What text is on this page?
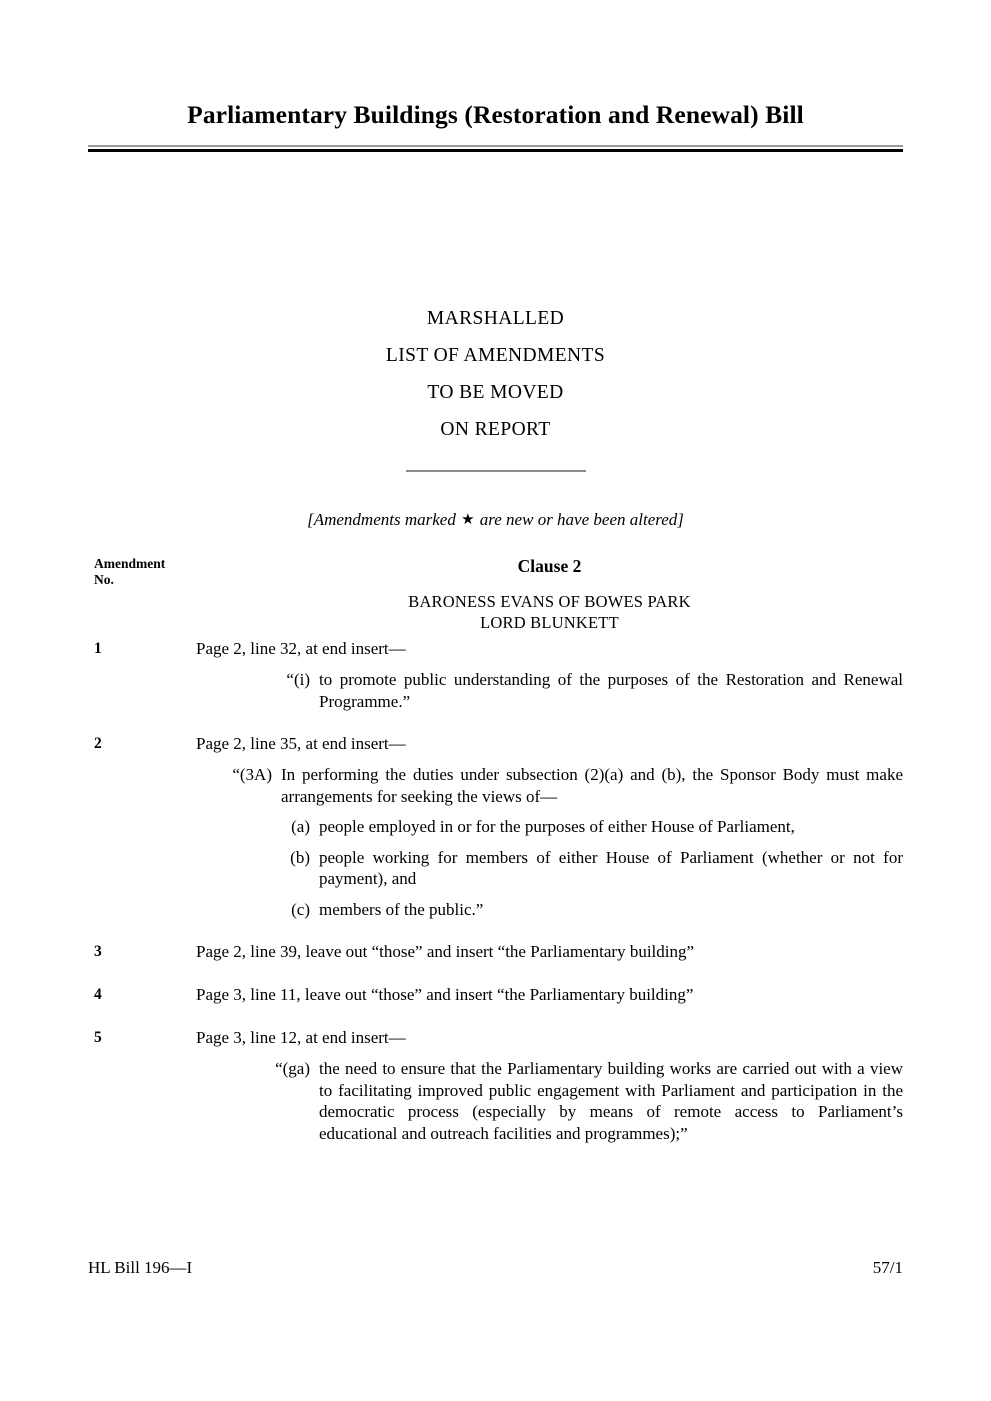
Parliamentary Buildings (Restoration and Renewal) Bill
MARSHALLED
LIST OF AMENDMENTS
TO BE MOVED
ON REPORT
[Amendments marked ★ are new or have been altered]
Amendment
No.
Clause 2
BARONESS EVANS OF BOWES PARK
LORD BLUNKETT
1	Page 2, line 32, at end insert—
“(i) to promote public understanding of the purposes of the Restoration and Renewal Programme.”
2	Page 2, line 35, at end insert—
“(3A) In performing the duties under subsection (2)(a) and (b), the Sponsor Body must make arrangements for seeking the views of—
(a) people employed in or for the purposes of either House of Parliament,
(b) people working for members of either House of Parliament (whether or not for payment), and
(c) members of the public.”
3	Page 2, line 39, leave out “those” and insert “the Parliamentary building”
4	Page 3, line 11, leave out “those” and insert “the Parliamentary building”
5	Page 3, line 12, at end insert—
“(ga) the need to ensure that the Parliamentary building works are carried out with a view to facilitating improved public engagement with Parliament and participation in the democratic process (especially by means of remote access to Parliament’s educational and outreach facilities and programmes);”
HL Bill 196—I	57/1
